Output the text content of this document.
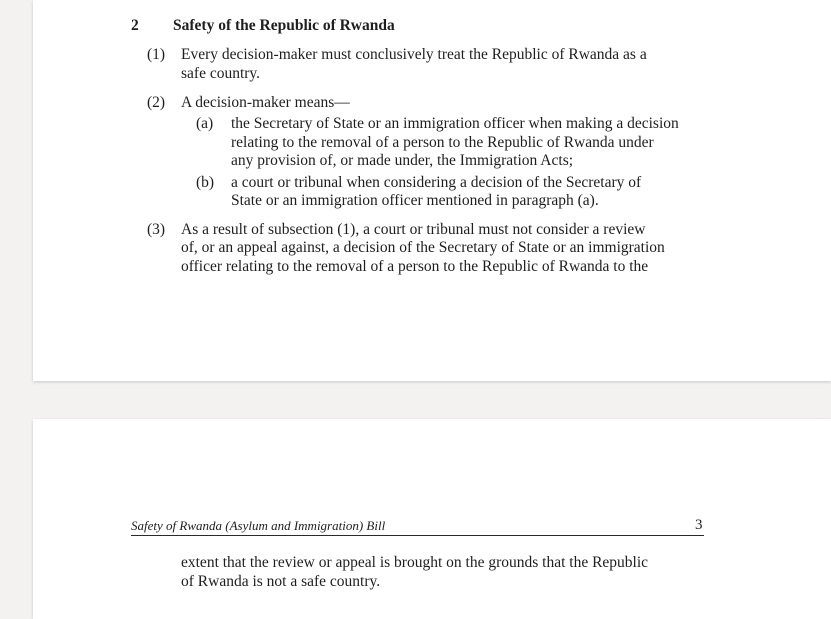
2 Safety of the Republic of Rwanda
(1) Every decision-maker must conclusively treat the Republic of Rwanda as a
safe country.
(2) A decision-maker means—
(a) the Secretary of State or an immigration officer when making a decision
relating to the removal of a person to the Republic of Rwanda under
any provision of, or made under, the Immigration Acts;
(b) a court or tribunal when considering a decision of the Secretary of
State or an immigration officer mentioned in paragraph (a).
(3) As a result of subsection (1), a court or tribunal must not consider a review
of, or an appeal against, a decision of the Secretary of State or an immigration
officer relating to the removal of a person to the Republic of Rwanda to the
Safety of Rwanda (Asylum and Immigration) Bill	3
extent that the review or appeal is brought on the grounds that the Republic
of Rwanda is not a safe country.
